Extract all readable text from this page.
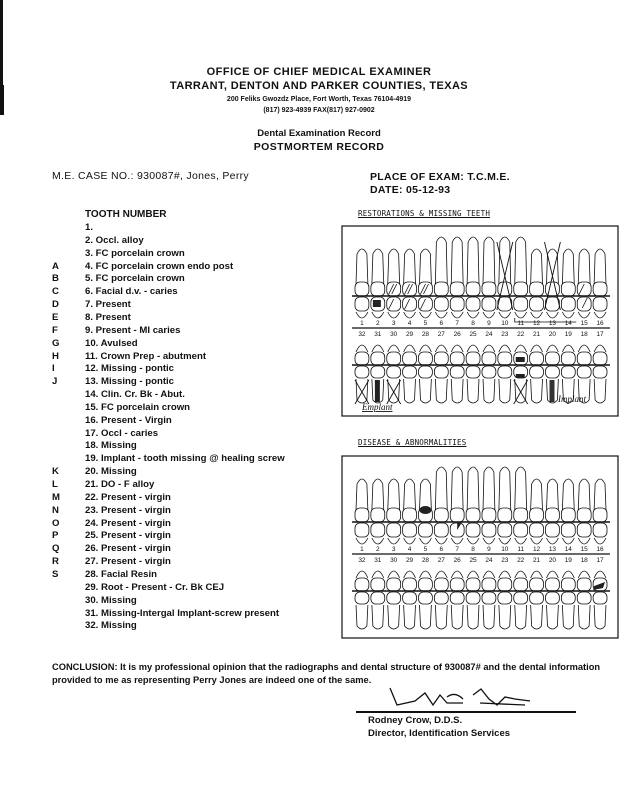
OFFICE OF CHIEF MEDICAL EXAMINER
TARRANT, DENTON AND PARKER COUNTIES, TEXAS
200 Feliks Gwozdz Place, Fort Worth, Texas 76104-4919
(817) 923-4939 FAX(817) 927-0902
Dental Examination Record
POSTMORTEM RECORD
M.E. CASE NO.: 930087#, Jones, Perry	PLACE OF EXAM: T.C.M.E.
DATE: 05-12-93
TOOTH NUMBER
1.
2. Occl. alloy
3. FC porcelain crown
A	4. FC porcelain crown endo post
B	5. FC porcelain crown
C	6. Facial d.v. - caries
D	7. Present
E	8. Present
F	9. Present - MI caries
G	10. Avulsed
H	11. Crown Prep - abutment
I	12. Missing - pontic
J	13. Missing - pontic
14. Clin. Cr. Bk - Abut.
15. FC porcelain crown
16. Present - Virgin
17. Occl - caries
18. Missing
19. Implant - tooth missing @ healing screw
K	20. Missing
L	21. DO - F alloy
M	22. Present - virgin
N	23. Present - virgin
O	24. Present - virgin
P	25. Present - virgin
Q	26. Present - virgin
R	27. Present - virgin
S	28. Facial Resin
29. Root - Present - Cr. Bk CEJ
30. Missing
31. Missing-Intergal Implant-screw present
32. Missing
RESTORATIONS & MISSING TEETH
1 2 3 4 5 6 7 8 9 10 11 12 13 14 15 16
32 31 30 29 28 27 26 25 24 23 22 21 20 19 18 17
Emplant
Implant
DISEASE & ABNORMALITIES
1 2 3 4 5 6 7 8 9 10 11 12 13 14 15 16
32 31 30 29 28 27 26 25 24 23 22 21 20 19 18 17
CONCLUSION: It is my professional opinion that the radiographs and dental structure of 930087# and the dental information provided to me as representing Perry Jones are indeed one of the same.
Rodney Crow, D.D.S.
Director, Identification Services
